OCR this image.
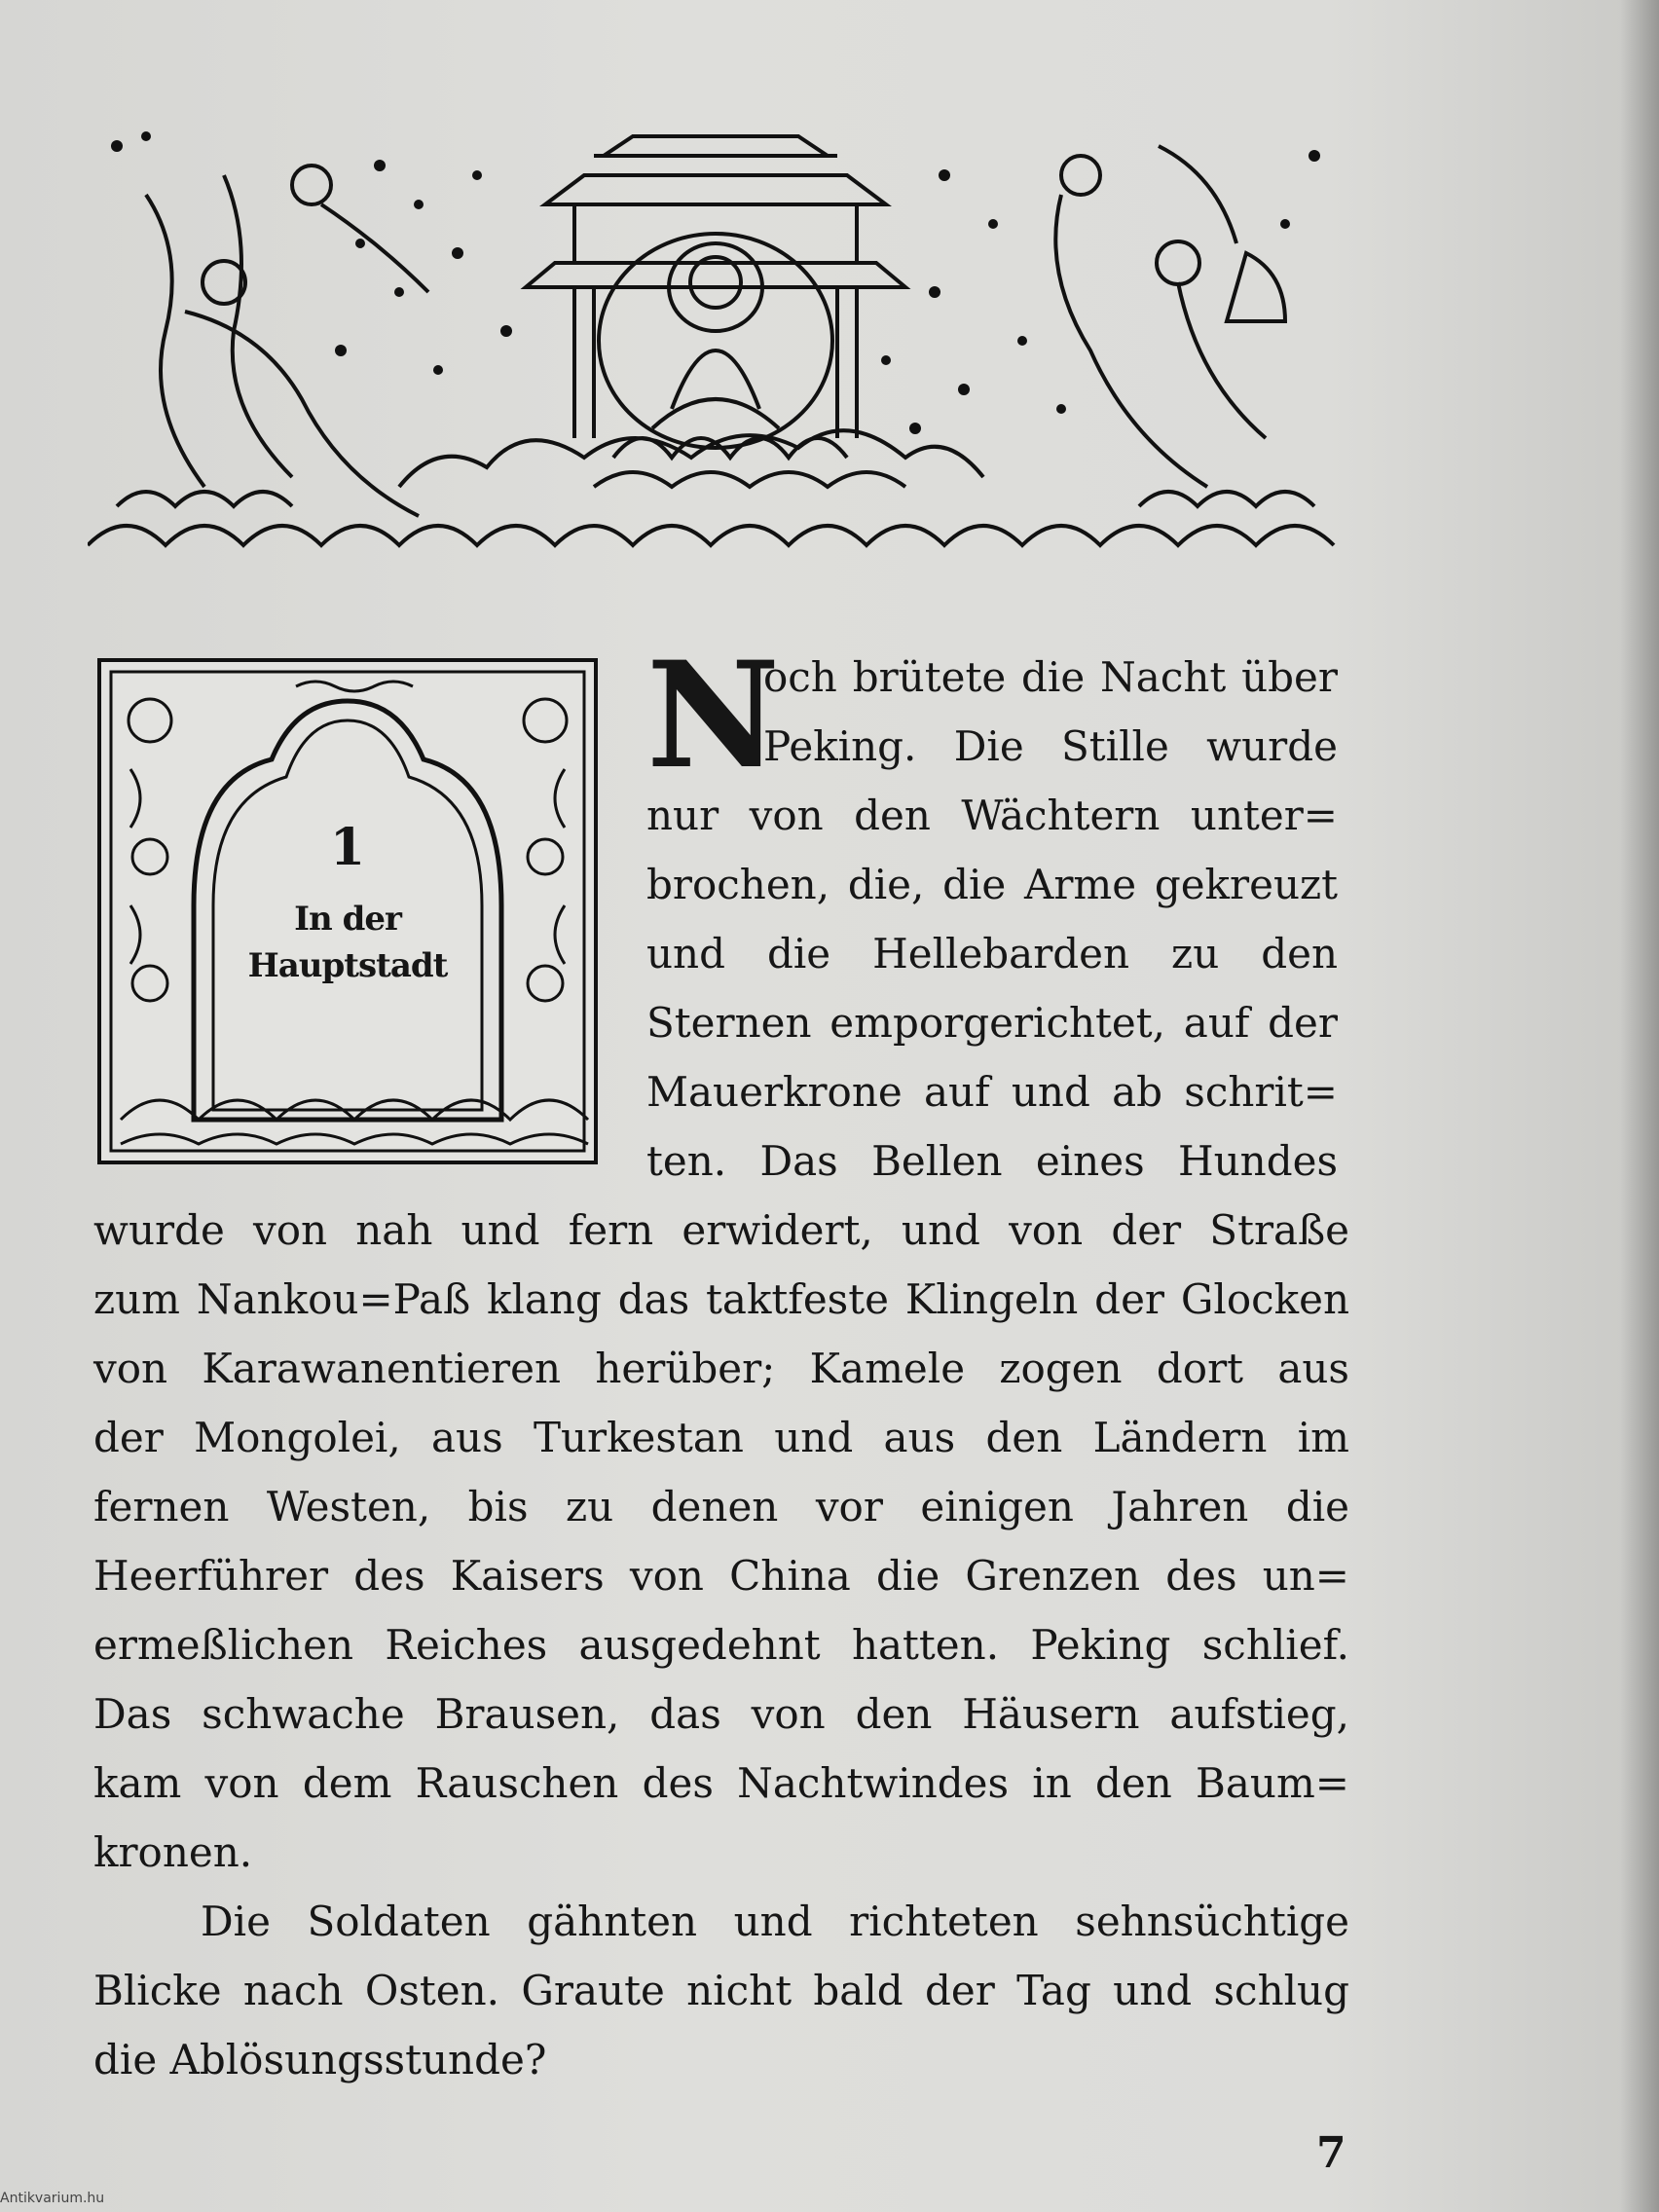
1
In der
Hauptstadt
N
och brütete die Nacht über
Peking. Die Stille wurde
nur von den Wächtern unter=
brochen, die, die Arme gekreuzt
und die Hellebarden zu den
Sternen emporgerichtet, auf der
Mauerkrone auf und ab schrit=
ten. Das Bellen eines Hundes
wurde von nah und fern erwidert, und von der Straße
zum Nankou=Paß klang das taktfeste Klingeln der Glocken
von Karawanentieren herüber; Kamele zogen dort aus
der Mongolei, aus Turkestan und aus den Ländern im
fernen Westen, bis zu denen vor einigen Jahren die
Heerführer des Kaisers von China die Grenzen des un=
ermeßlichen Reiches ausgedehnt hatten. Peking schlief.
Das schwache Brausen, das von den Häusern aufstieg,
kam von dem Rauschen des Nachtwindes in den Baum=
kronen.
Die Soldaten gähnten und richteten sehnsüchtige
Blicke nach Osten. Graute nicht bald der Tag und schlug
die Ablösungsstunde?
7
Antikvarium.hu
